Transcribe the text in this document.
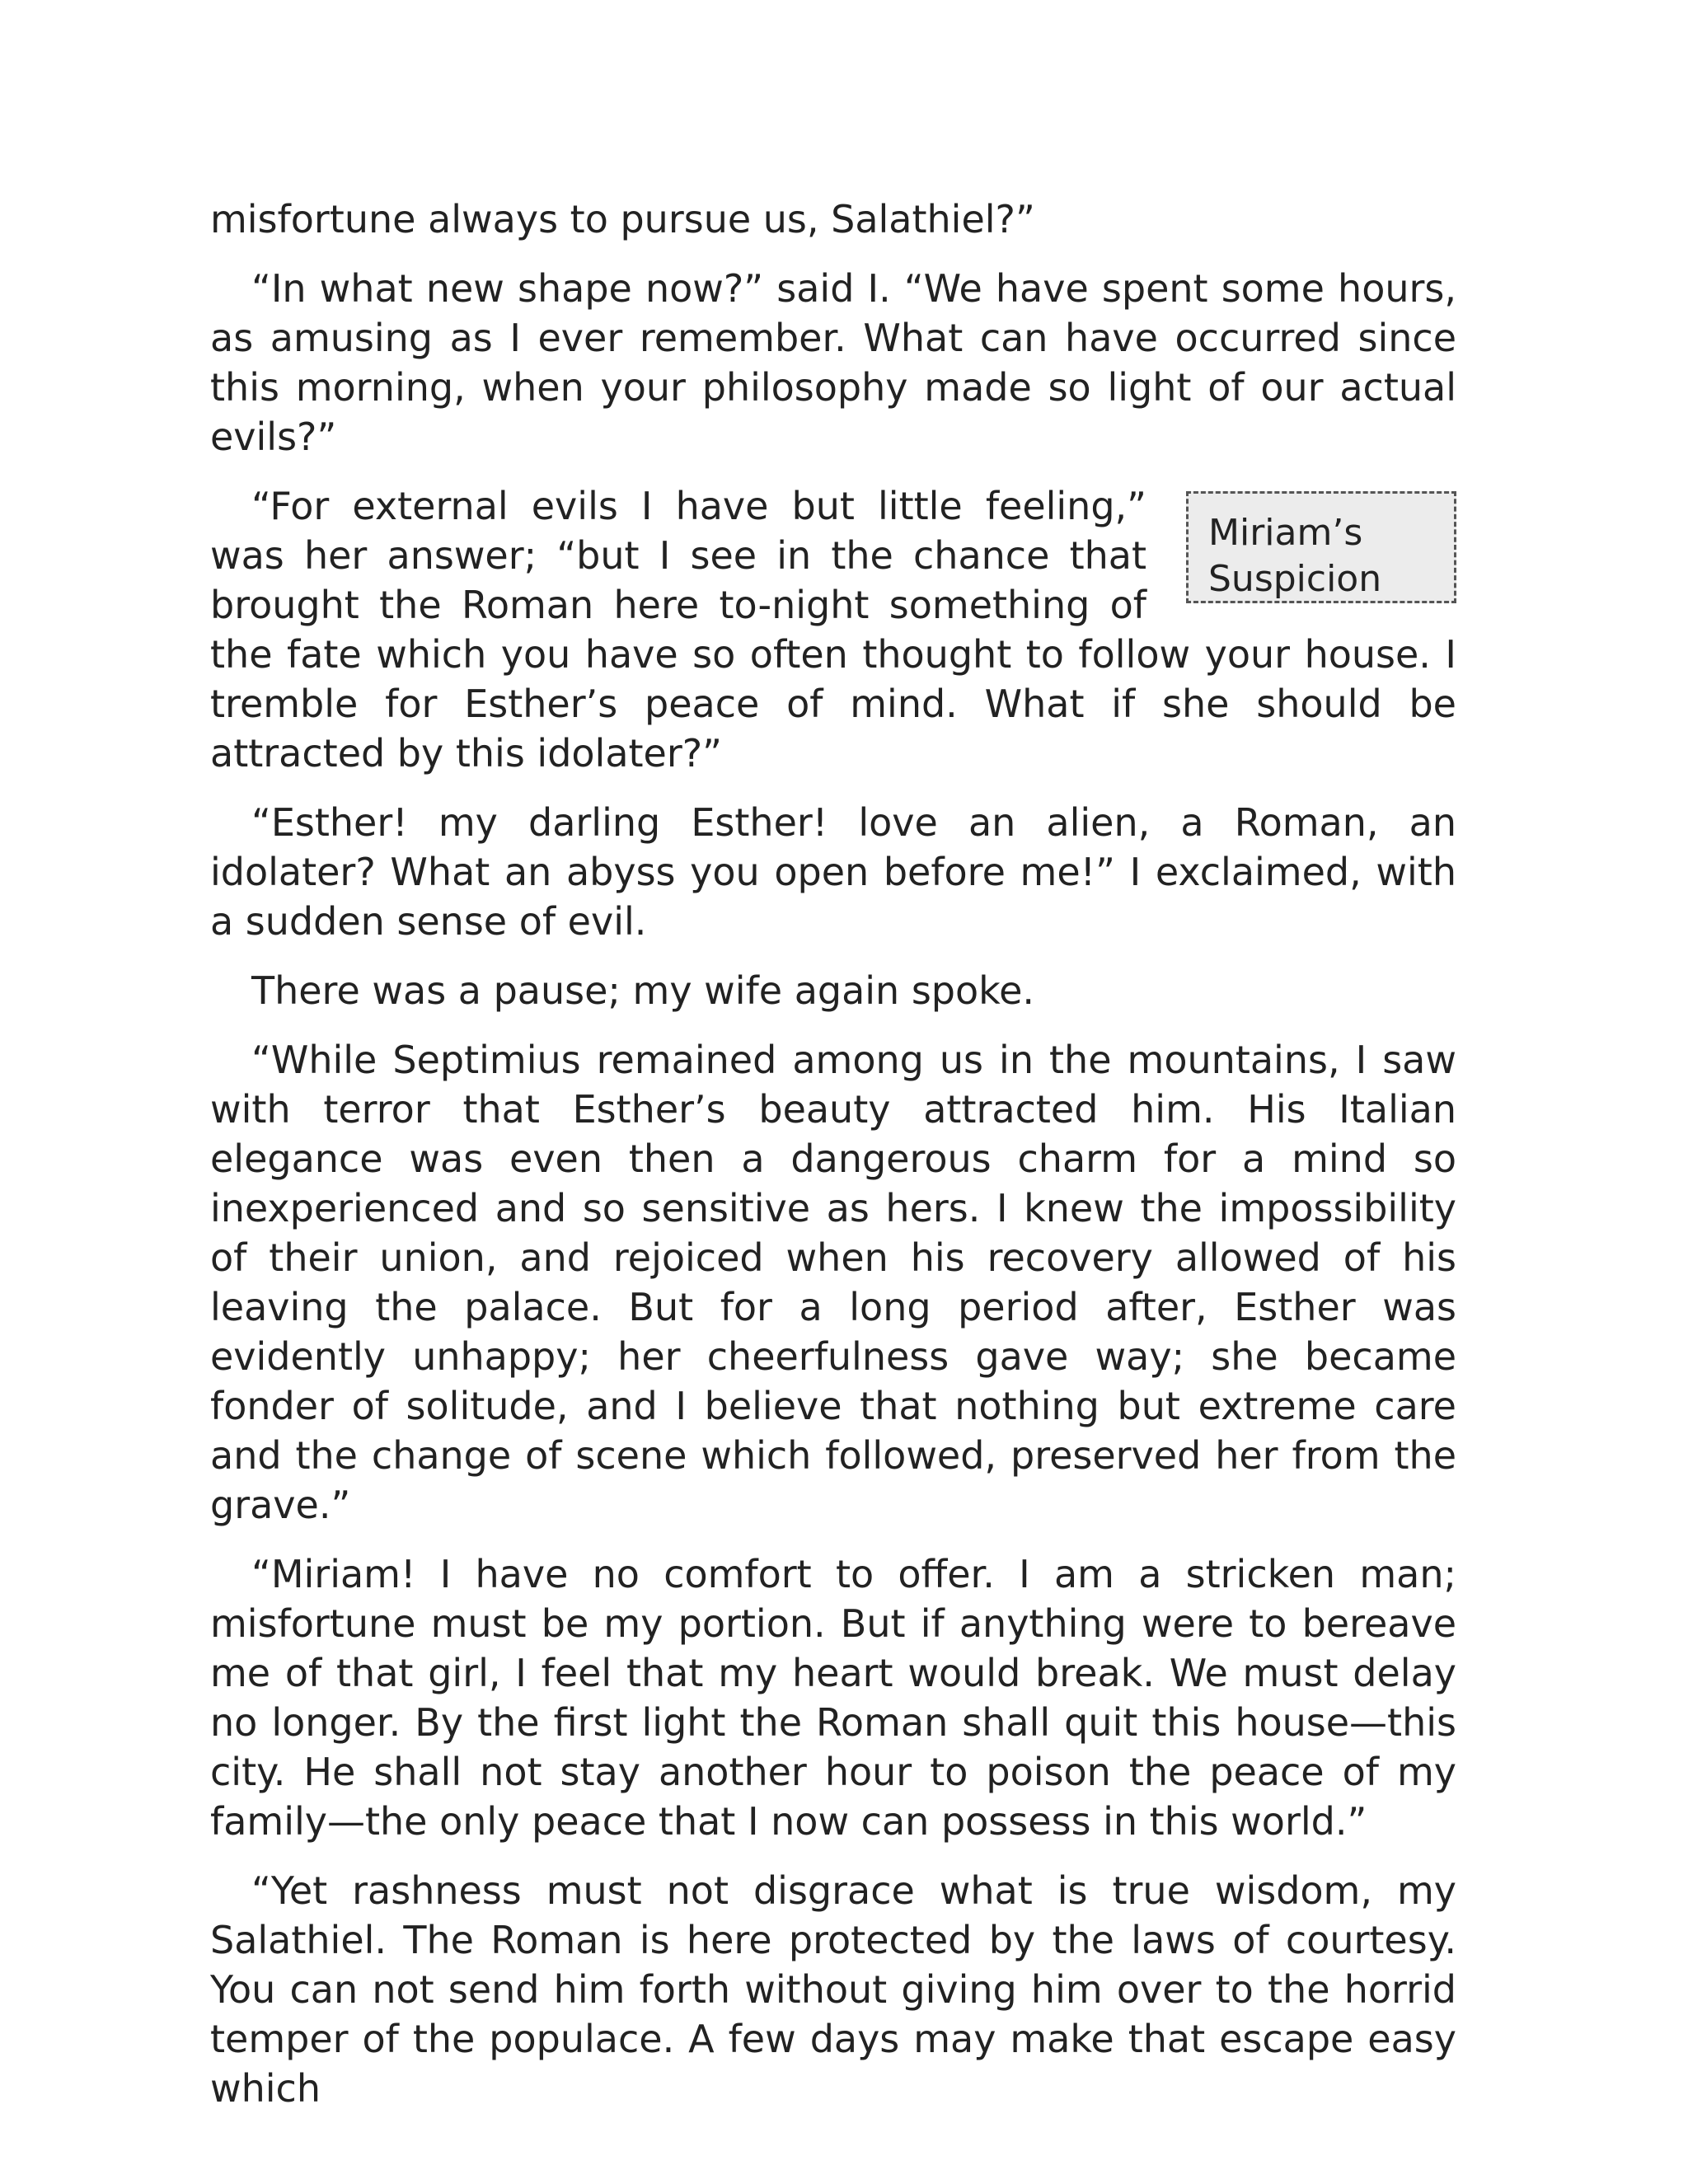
misfortune always to pursue us, Salathiel?”

“In what new shape now?” said I. “We have spent some hours, as amusing as I ever remember. What can have occurred since this morning, when your philosophy made so light of our actual evils?”

Miriam’s
Suspicion

“For external evils I have but little feeling,” was her answer; “but I see in the chance that brought the Roman here to-night something of the fate which you have so often thought to follow your house. I tremble for Esther’s peace of mind. What if she should be attracted by this idolater?”

“Esther! my darling Esther! love an alien, a Roman, an idolater? What an abyss you open before me!” I exclaimed, with a sudden sense of evil.

There was a pause; my wife again spoke.

“While Septimius remained among us in the mountains, I saw with terror that Esther’s beauty attracted him. His Italian elegance was even then a dangerous charm for a mind so inexperienced and so sensitive as hers. I knew the impossibility of their union, and rejoiced when his recovery allowed of his leaving the palace. But for a long period after, Esther was evidently unhappy; her cheerfulness gave way; she became fonder of solitude, and I believe that nothing but extreme care and the change of scene which followed, preserved her from the grave.”

“Miriam! I have no comfort to offer. I am a stricken man; misfortune must be my portion. But if anything were to bereave me of that girl, I feel that my heart would break. We must delay no longer. By the first light the Roman shall quit this house—this city. He shall not stay another hour to poison the peace of my family—the only peace that I now can possess in this world.”

“Yet rashness must not disgrace what is true wisdom, my Salathiel. The Roman is here protected by the laws of courtesy. You can not send him forth without giving him over to the horrid temper of the populace. A few days may make that escape easy which
